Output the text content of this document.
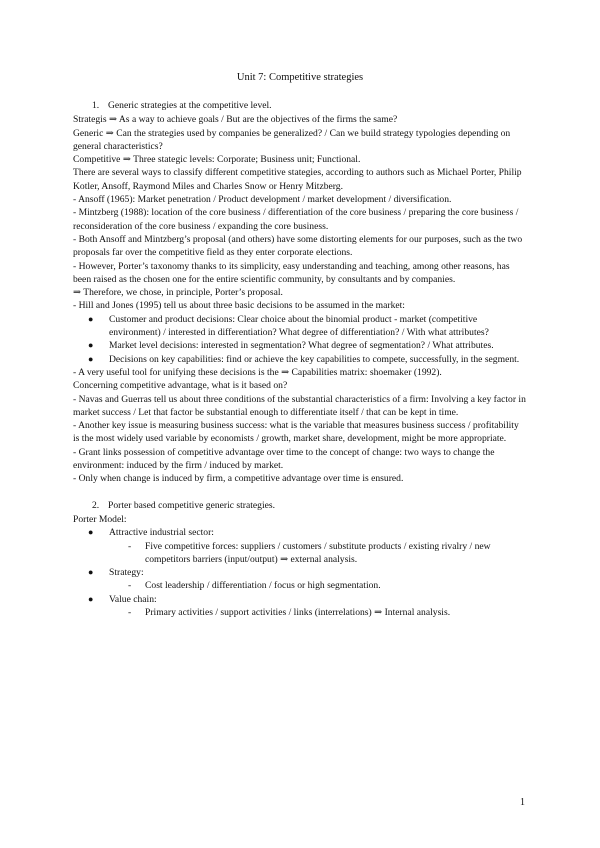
Unit 7: Competitive strategies
1. Generic strategies at the competitive level.

Strategis ⇒ As a way to achieve goals / But are the objectives of the firms the same?

Generic ⇒ Can the strategies used by companies be generalized? / Can we build strategy typologies depending on general characteristics?

Competitive ⇒ Three stategic levels: Corporate; Business unit; Functional.

There are several ways to classify different competitive stategies, according to authors such as Michael Porter, Philip Kotler, Ansoff, Raymond Miles and Charles Snow or Henry Mitzberg.

- Ansoff (1965): Market penetration / Product development / market development / diversification.

- Mintzberg (1988): location of the core business / differentiation of the core business / preparing the core business / reconsideration of the core business / expanding the core business.

- Both Ansoff and Mintzberg’s proposal (and others) have some distorting elements for our purposes, such as the two proposals far over the competitive field as they enter corporate elections.

- However, Porter’s taxonomy thanks to its simplicity, easy understanding and teaching, among other reasons, has been raised as the chosen one for the entire scientific community, by consultants and by companies.

⇒ Therefore, we chose, in principle, Porter’s proposal.

- Hill and Jones (1995) tell us about three basic decisions to be assumed in the market:

● Customer and product decisions: Clear choice about the binomial product - market (competitive environment) / interested in differentiation? What degree of differentiation? / With what attributes?
● Market level decisions: interested in segmentation? What degree of segmentation? / What attributes.
● Decisions on key capabilities: find or achieve the key capabilities to compete, successfully, in the segment.

- A very useful tool for unifying these decisions is the ⇒ Capabilities matrix: shoemaker (1992).

Concerning competitive advantage, what is it based on?

- Navas and Guerras tell us about three conditions of the substantial characteristics of a firm: Involving a key factor in market success / Let that factor be substantial enough to differentiate itself / that can be kept in time.

- Another key issue is measuring business success: what is the variable that measures business success / profitability is the most widely used variable by economists / growth, market share, development, might be more appropriate.

- Grant links possession of competitive advantage over time to the concept of change: two ways to change the environment: induced by the firm / induced by market.

- Only when change is induced by firm, a competitive advantage over time is ensured.

2. Porter based competitive generic strategies.

Porter Model:

● Attractive industrial sector:
- Five competitive forces: suppliers / customers / substitute products / existing rivalry / new competitors barriers (input/output) ⇒ external analysis.
● Strategy:
- Cost leadership / differentiation / focus or high segmentation.
● Value chain:
- Primary activities / support activities / links (interrelations) ⇒ Internal analysis.
1
